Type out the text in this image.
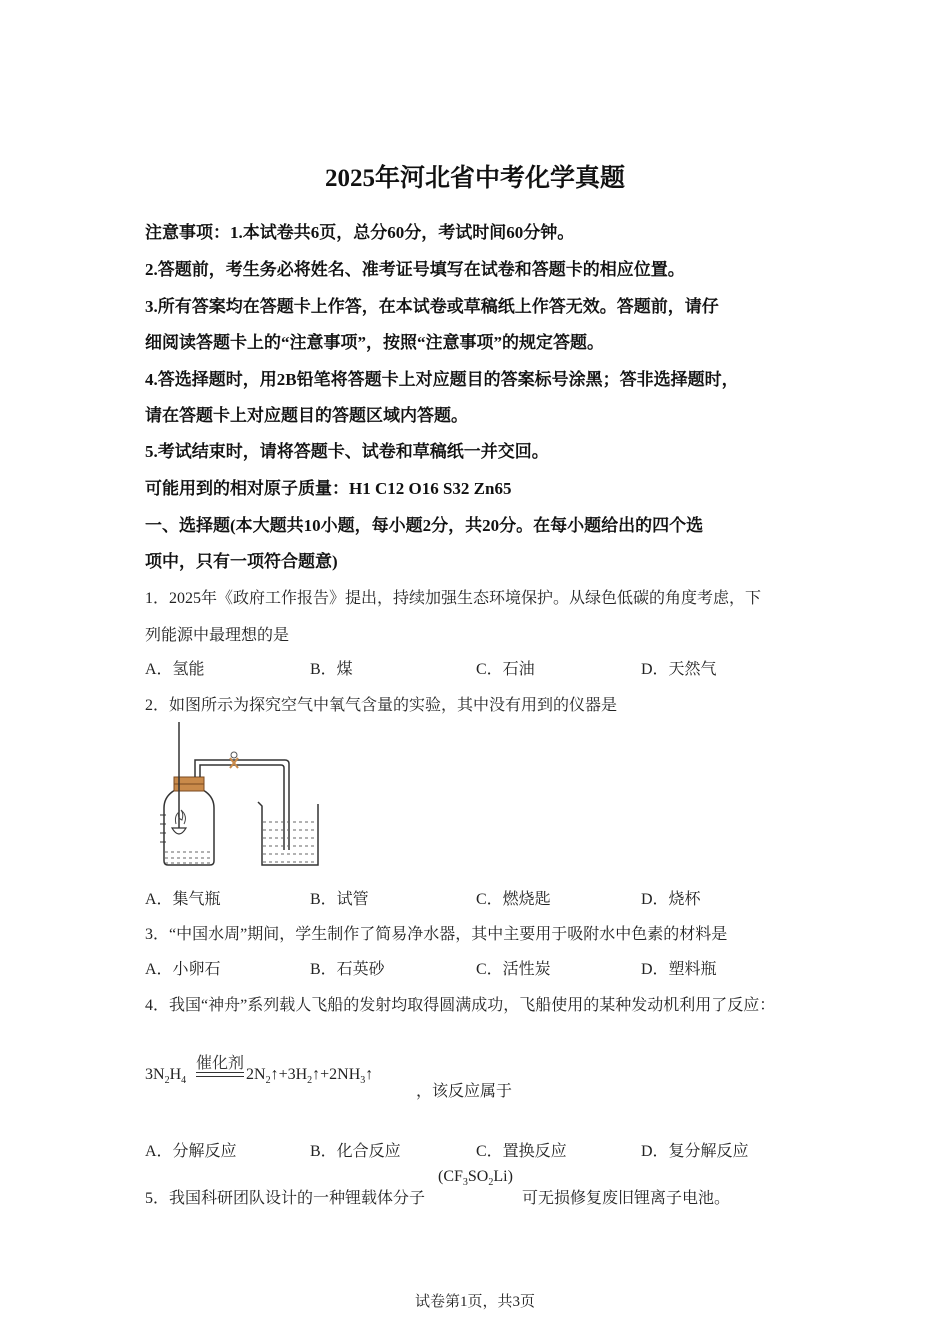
2025年河北省中考化学真题
注意事项：1.本试卷共6页，总分60分，考试时间60分钟。
2.答题前，考生务必将姓名、准考证号填写在试卷和答题卡的相应位置。
3.所有答案均在答题卡上作答，在本试卷或草稿纸上作答无效。答题前，请仔
细阅读答题卡上的“注意事项”，按照“注意事项”的规定答题。
4.答选择题时，用2B铅笔将答题卡上对应题目的答案标号涂黑；答非选择题时，
请在答题卡上对应题目的答题区域内答题。
5.考试结束时，请将答题卡、试卷和草稿纸一并交回。
可能用到的相对原子质量：H1 C12 O16 S32 Zn65
一、选择题(本大题共10小题，每小题2分，共20分。在每小题给出的四个选
项中，只有一项符合题意)
1．2025年《政府工作报告》提出，持续加强生态环境保护。从绿色低碳的角度考虑，下
列能源中最理想的是
A．氢能	B．煤	C．石油	D．天然气
2．如图所示为探究空气中氧气含量的实验，其中没有用到的仪器是
A．集气瓶	B．试管	C．燃烧匙	D．烧杯
3．“中国水周”期间，学生制作了简易净水器，其中主要用于吸附水中色素的材料是
A．小卵石	B．石英砂	C．活性炭	D．塑料瓶
4．我国“神舟”系列载人飞船的发射均取得圆满成功，飞船使用的某种发动机利用了反应：
$3N_2H_4$
催化剂
$2N_2↑+3H_2↑+2NH_3↑$
，该反应属于
A．分解反应	B．化合反应	C．置换反应	D．复分解反应
5．我国科研团队设计的一种锂载体分子
$(CF_3SO_2Li)$
可无损修复废旧锂离子电池。
试卷第1页，共3页
